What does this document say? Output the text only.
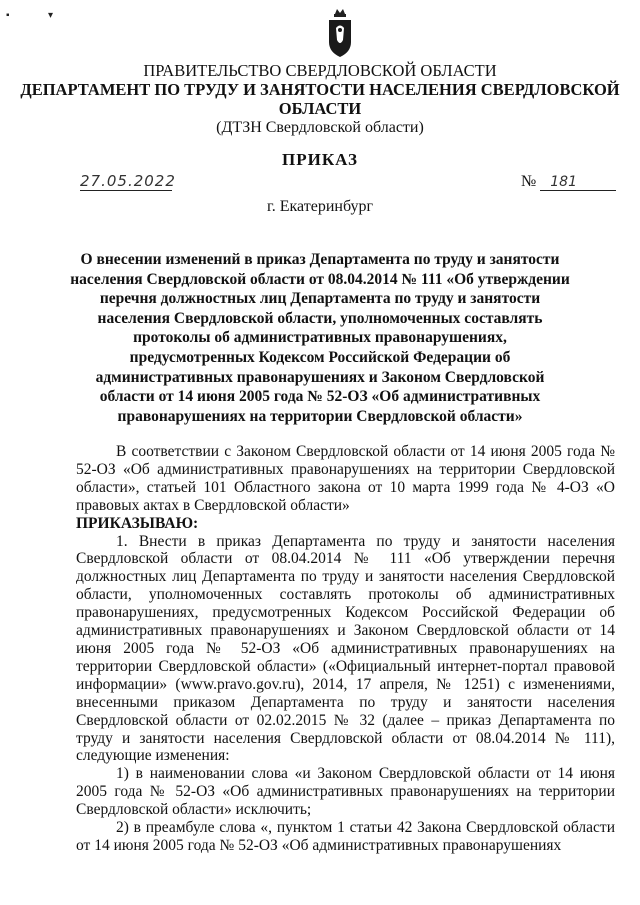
▪ ▾
ПРАВИТЕЛЬСТВО СВЕРДЛОВСКОЙ ОБЛАСТИ
ДЕПАРТАМЕНТ ПО ТРУДУ И ЗАНЯТОСТИ НАСЕЛЕНИЯ СВЕРДЛОВСКОЙ ОБЛАСТИ
(ДТЗН Свердловской области)
ПРИКАЗ
27.05.2022	№ 181
г. Екатеринбург
О внесении изменений в приказ Департамента по труду и занятости населения Свердловской области от 08.04.2014 № 111 «Об утверждении перечня должностных лиц Департамента по труду и занятости населения Свердловской области, уполномоченных составлять протоколы об административных правонарушениях, предусмотренных Кодексом Российской Федерации об административных правонарушениях и Законом Свердловской области от 14 июня 2005 года № 52-ОЗ «Об административных правонарушениях на территории Свердловской области»

В соответствии с Законом Свердловской области от 14 июня 2005 года № 52-ОЗ «Об административных правонарушениях на территории Свердловской области», статьей 101 Областного закона от 10 марта 1999 года № 4-ОЗ «О правовых актах в Свердловской области»

ПРИКАЗЫВАЮ:

1. Внести в приказ Департамента по труду и занятости населения Свердловской области от 08.04.2014 № 111 «Об утверждении перечня должностных лиц Департамента по труду и занятости населения Свердловской области, уполномоченных составлять протоколы об административных правонарушениях, предусмотренных Кодексом Российской Федерации об административных правонарушениях и Законом Свердловской области от 14 июня 2005 года № 52-ОЗ «Об административных правонарушениях на территории Свердловской области» («Официальный интернет-портал правовой информации» (www.pravo.gov.ru), 2014, 17 апреля, № 1251) с изменениями, внесенными приказом Департамента по труду и занятости населения Свердловской области от 02.02.2015 № 32 (далее – приказ Департамента по труду и занятости населения Свердловской области от 08.04.2014 № 111), следующие изменения:

1) в наименовании слова «и Законом Свердловской области от 14 июня 2005 года № 52-ОЗ «Об административных правонарушениях на территории Свердловской области» исключить;

2) в преамбуле слова «, пунктом 1 статьи 42 Закона Свердловской области от 14 июня 2005 года № 52-ОЗ «Об административных правонарушениях
